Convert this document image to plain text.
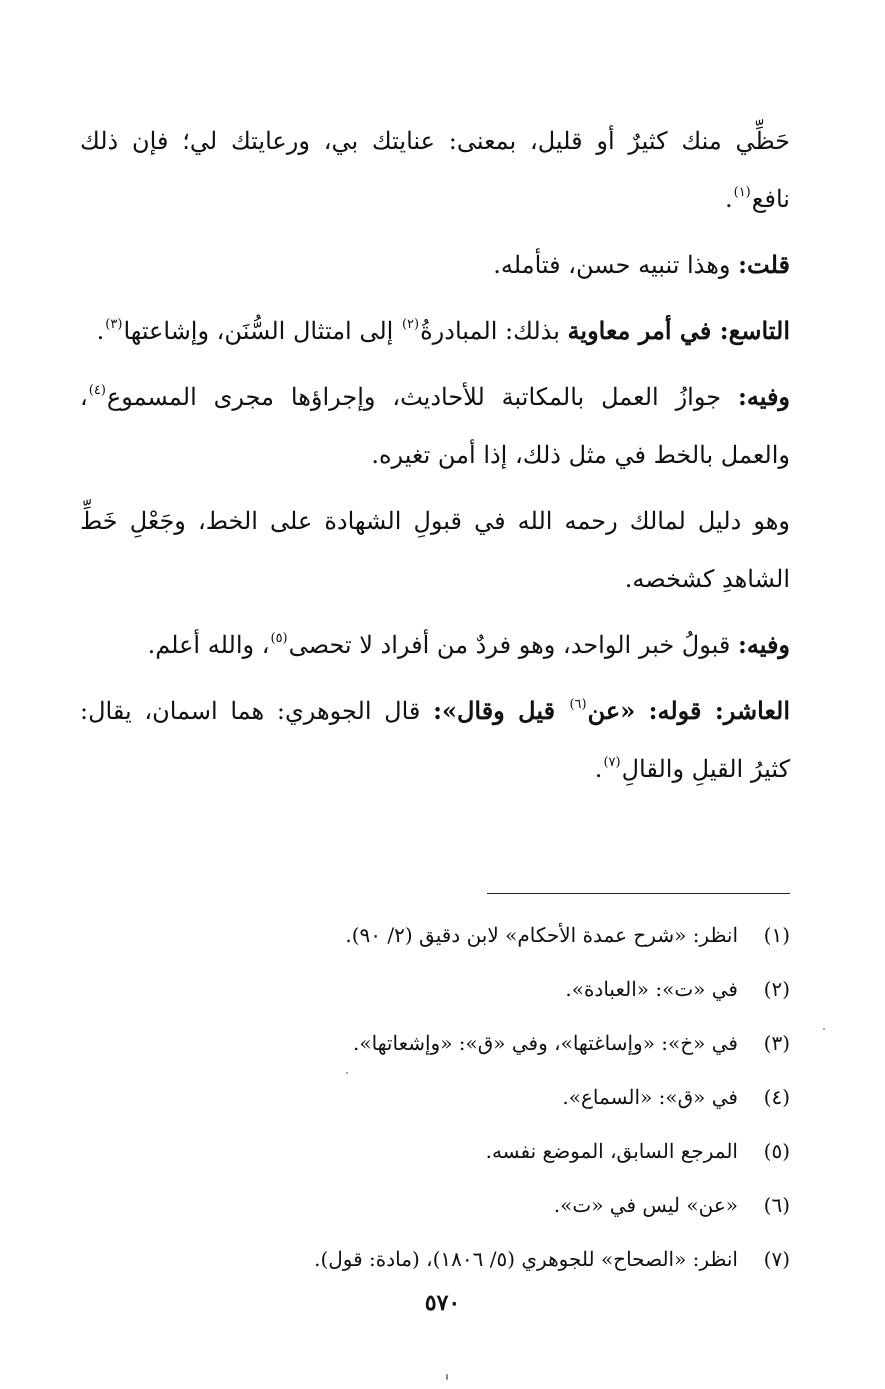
حَظِّي منك كثيرٌ أو قليل، بمعنى: عنايتك بي، ورعايتك لي؛ فإن ذلك نافع$^{(١)}$.

قلت: وهذا تنبيه حسن، فتأمله.

التاسع: في أمر معاوية بذلك: المبادرةُ$^{(٢)}$ إلى امتثال السُّنَن، وإشاعتها$^{(٣)}$.

وفيه: جوازُ العمل بالمكاتبة للأحاديث، وإجراؤها مجرى المسموع$^{(٤)}$، والعمل بالخط في مثل ذلك، إذا أمن تغيره.

وهو دليل لمالك رحمه الله في قبولِ الشهادة على الخط، وجَعْلِ خَطِّ الشاهدِ كشخصه.

وفيه: قبولُ خبر الواحد، وهو فردٌ من أفراد لا تحصى$^{(٥)}$، والله أعلم.

العاشر: قوله: «عن$^{(٦)}$ قيل وقال»: قال الجوهري: هما اسمان، يقال: كثيرُ القيلِ والقالِ$^{(٧)}$.

(١)انظر: «شرح عمدة الأحكام» لابن دقيق (٢/ ٩٠).
(٢)في «ت»: «العبادة».
(٣)في «خ»: «وإساغتها»، وفي «ق»: «وإشعاتها».
(٤)في «ق»: «السماع».
(٥)المرجع السابق، الموضع نفسه.
(٦)«عن» ليس في «ت».
(٧)انظر: «الصحاح» للجوهري (٥/ ١٨٠٦)، (مادة: قول).
٥٧٠
